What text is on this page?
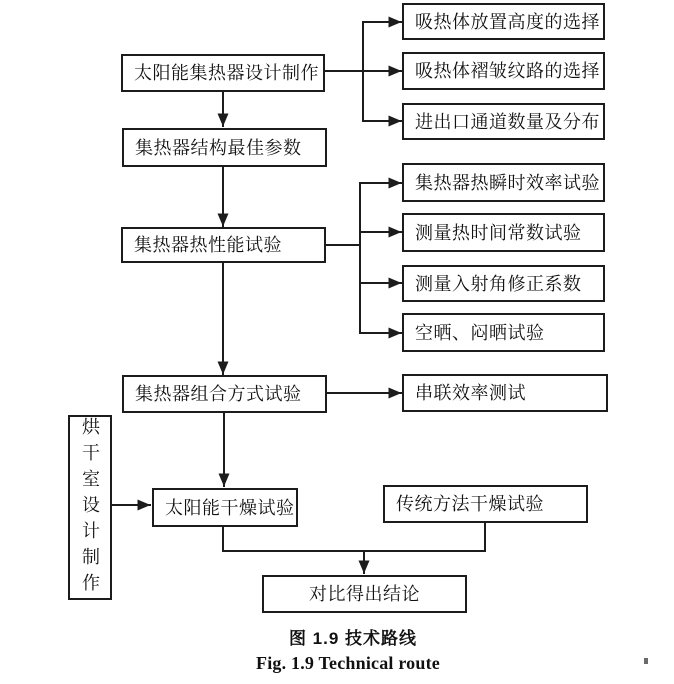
太阳能集热器设计制作
集热器结构最佳参数
集热器热性能试验
集热器组合方式试验
烘干室设计制作	太阳能干燥试验	传统方法干燥试验
对比得出结论
吸热体放置高度的选择
吸热体褶皱纹路的选择
进出口通道数量及分布
集热器热瞬时效率试验
测量热时间常数试验
测量入射角修正系数
空晒、闷晒试验
串联效率测试
图 1.9 技术路线
Fig. 1.9 Technical route
